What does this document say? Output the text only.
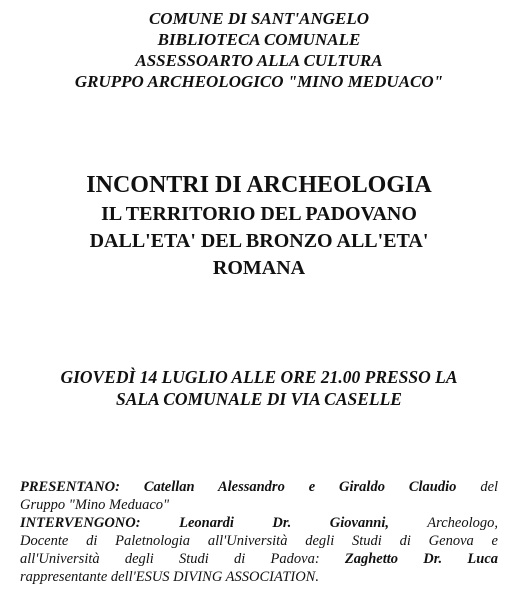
COMUNE DI SANT'ANGELO
BIBLIOTECA COMUNALE
ASSESSOARTO ALLA CULTURA
GRUPPO ARCHEOLOGICO "MINO MEDUACO"
INCONTRI DI ARCHEOLOGIA
IL TERRITORIO DEL PADOVANO
DALL'ETA' DEL BRONZO ALL'ETA'
ROMANA
GIOVEDÌ 14 LUGLIO ALLE ORE 21.00 PRESSO LA
SALA COMUNALE DI VIA CASELLE
PRESENTANO: Catellan Alessandro e Giraldo Claudio del
Gruppo "Mino Meduaco"
INTERVENGONO:	Leonardi Dr. Giovanni,	Archeologo,
Docente di Paletnologia all'Università degli Studi di Genova e
all'Università degli Studi di Padova: Zaghetto Dr. Luca
rappresentante dell'ESUS DIVING ASSOCIATION.
